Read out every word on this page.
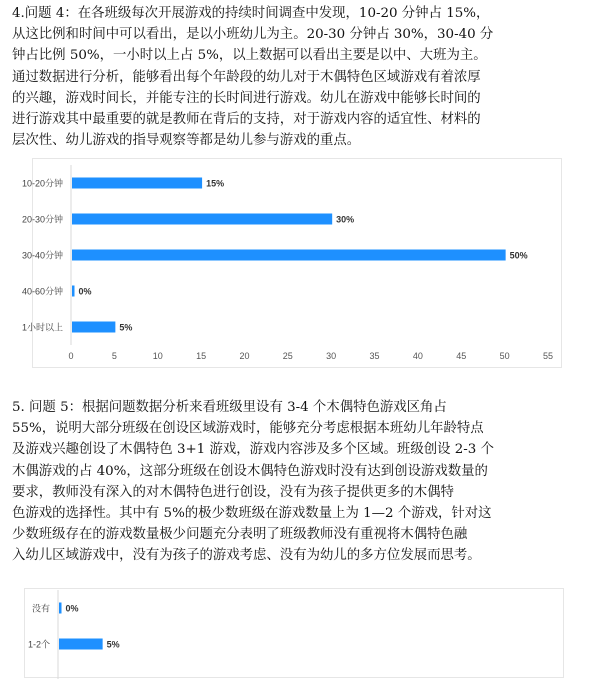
4.问题 4：在各班级每次开展游戏的持续时间调查中发现，10-20 分钟占 15%，
从这比例和时间中可以看出，是以小班幼儿为主。20-30 分钟占 30%，30-40 分
钟占比例 50%，一小时以上占 5%，以上数据可以看出主要是以中、大班为主。
通过数据进行分析，能够看出每个年龄段的幼儿对于木偶特色区域游戏有着浓厚
的兴趣，游戏时间长，并能专注的长时间进行游戏。幼儿在游戏中能够长时间的
进行游戏其中最重要的就是教师在背后的支持，对于游戏内容的适宜性、材料的
层次性、幼儿游戏的指导观察等都是幼儿参与游戏的重点。
10-20分钟	15%
20-30分钟	30%
30-40分钟	50%
40-60分钟 0%
1小时以上	5%
0	5	10	15	20	25	30	35	40	45	50	55
5. 问题 5：根据问题数据分析来看班级里设有 3-4 个木偶特色游戏区角占
55%，说明大部分班级在创设区域游戏时，能够充分考虑根据本班幼儿年龄特点
及游戏兴趣创设了木偶特色 3+1 游戏，游戏内容涉及多个区域。班级创设 2-3 个
木偶游戏的占 40%，这部分班级在创设木偶特色游戏时没有达到创设游戏数量的
要求，教师没有深入的对木偶特色进行创设，没有为孩子提供更多的木偶特
色游戏的选择性。其中有 5%的极少数班级在游戏数量上为 1—2 个游戏，针对这
少数班级存在的游戏数量极少问题充分表明了班级教师没有重视将木偶特色融
入幼儿区域游戏中，没有为孩子的游戏考虑、没有为幼儿的多方位发展而思考。
没有 0%
1-2个	5%
